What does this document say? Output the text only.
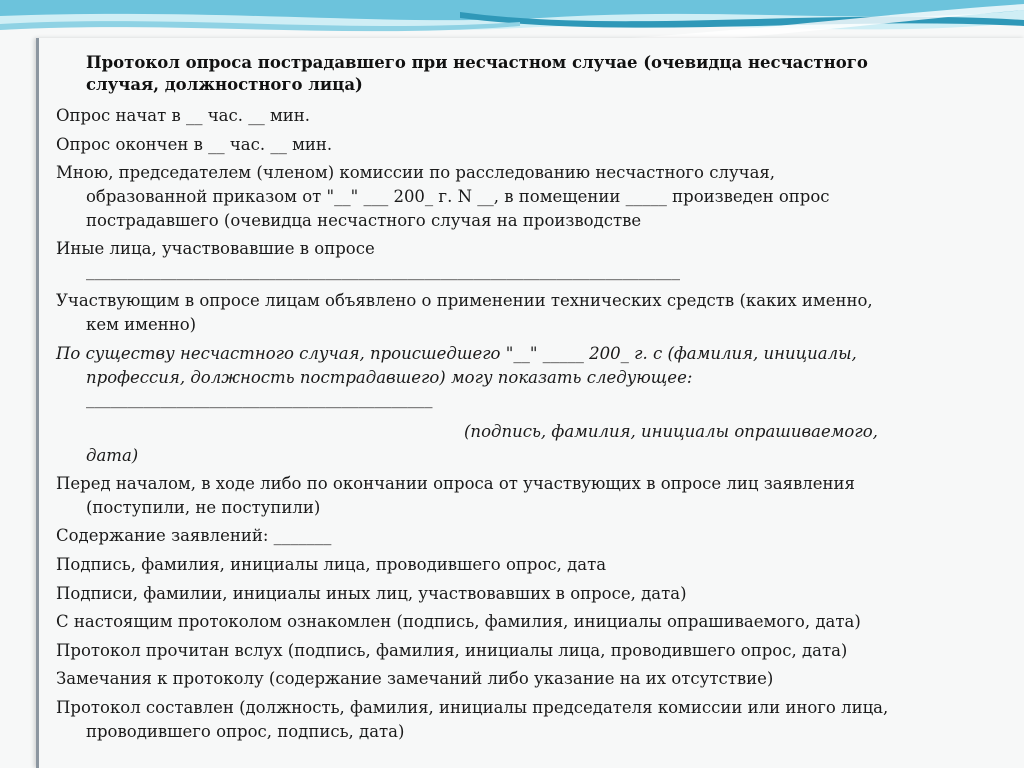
Протокол опроса пострадавшего при несчастном случае (очевидца несчастного
случая, должностного лица)
Опрос начат в __ час. __ мин.
Опрос окончен в __ час. __ мин.
Мною, председателем (членом) комиссии по расследованию несчастного случая,
образованной приказом от "__" ___ 200_ г. N __, в помещении _____ произведен опрос
пострадавшего (очевидца несчастного случая на производстве
Иные лица, участвовавшие в опросе
________________________________________________________________________
Участвующим в опросе лицам объявлено о применении технических средств (каких именно,
кем именно)
По существу несчастного случая, происшедшего "__" _____ 200_ г. с (фамилия, инициалы,
профессия, должность пострадавшего) могу показать следующее:
__________________________________________
(подпись, фамилия, инициалы опрашиваемого,
дата)
Перед началом, в ходе либо по окончании опроса от участвующих в опросе лиц заявления
(поступили, не поступили)
Содержание заявлений: _______
Подпись, фамилия, инициалы лица, проводившего опрос, дата
Подписи, фамилии, инициалы иных лиц, участвовавших в опросе, дата)
С настоящим протоколом ознакомлен (подпись, фамилия, инициалы опрашиваемого, дата)
Протокол прочитан вслух (подпись, фамилия, инициалы лица, проводившего опрос, дата)
Замечания к протоколу (содержание замечаний либо указание на их отсутствие)
Протокол составлен (должность, фамилия, инициалы председателя комиссии или иного лица,
проводившего опрос, подпись, дата)
